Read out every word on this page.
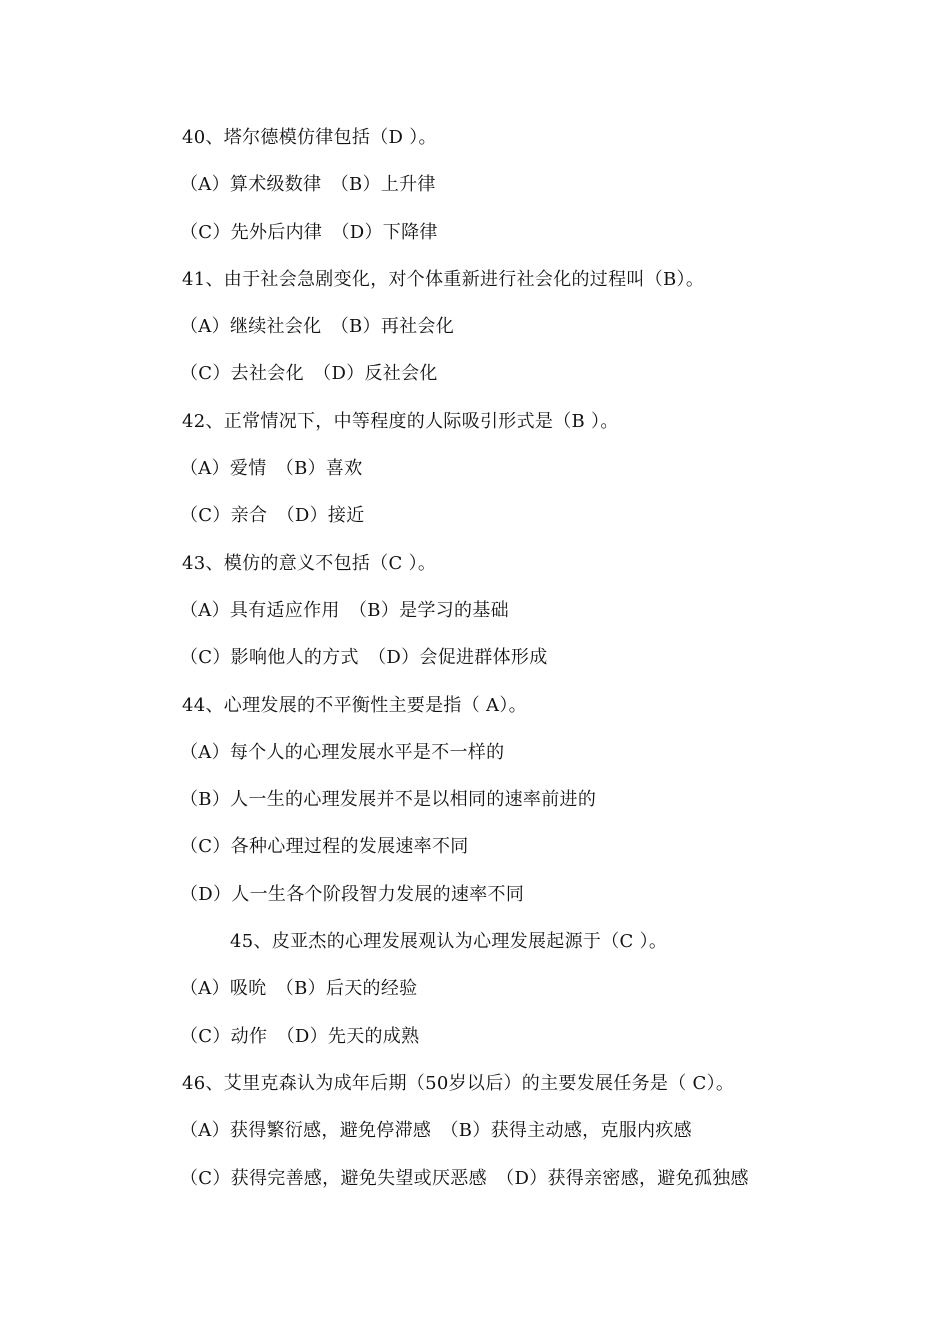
40、塔尔德模仿律包括（D ）。
（A）算术级数律　（B）上升律
（C）先外后内律　（D）下降律
41、由于社会急剧变化，对个体重新进行社会化的过程叫（B）。
（A）继续社会化　（B）再社会化
（C）去社会化　（D）反社会化
42、正常情况下，中等程度的人际吸引形式是（B ）。
（A）爱情　（B）喜欢
（C）亲合　（D）接近
43、模仿的意义不包括（C ）。
（A）具有适应作用　（B）是学习的基础
（C）影响他人的方式　（D）会促进群体形成
44、心理发展的不平衡性主要是指（ A）。
（A）每个人的心理发展水平是不一样的
（B）人一生的心理发展并不是以相同的速率前进的
（C）各种心理过程的发展速率不同
（D）人一生各个阶段智力发展的速率不同
45、皮亚杰的心理发展观认为心理发展起源于（C ）。
（A）吸吮　（B）后天的经验
（C）动作　（D）先天的成熟
46、艾里克森认为成年后期（50岁以后）的主要发展任务是（ C）。
（A）获得繁衍感，避免停滞感　（B）获得主动感，克服内疚感
（C）获得完善感，避免失望或厌恶感　（D）获得亲密感，避免孤独感
